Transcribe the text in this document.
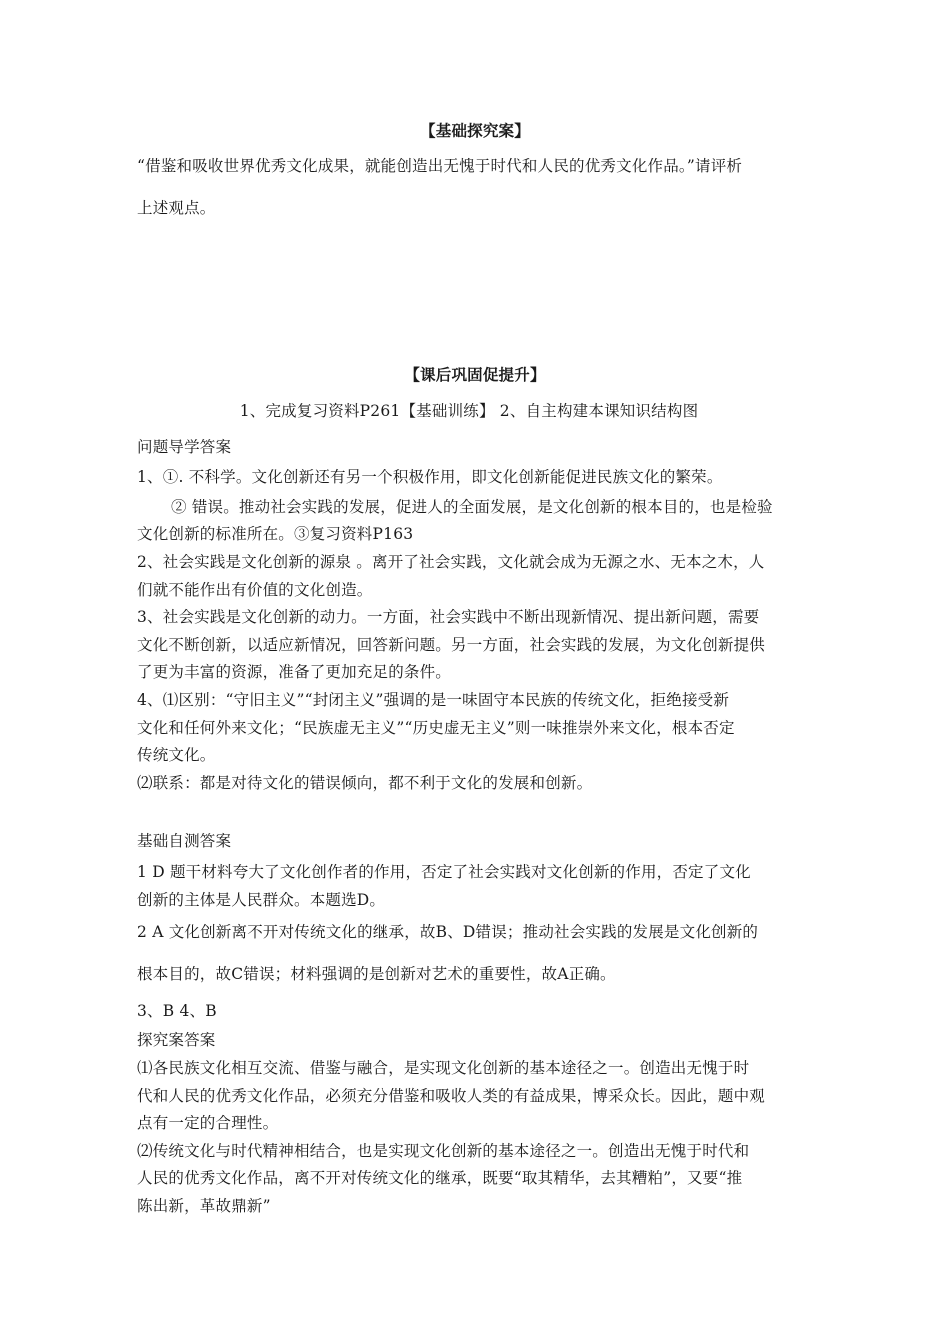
【基础探究案】
“借鉴和吸收世界优秀文化成果，就能创造出无愧于时代和人民的优秀文化作品。”请评析
上述观点。
【课后巩固促提升】
1、完成复习资料P261【基础训练】 2、自主构建本课知识结构图
问题导学答案
1、①. 不科学。文化创新还有另一个积极作用，即文化创新能促进民族文化的繁荣。
② 错误。推动社会实践的发展，促进人的全面发展，是文化创新的根本目的，也是检验
文化创新的标准所在。③复习资料P163
2、社会实践是文化创新的源泉 。离开了社会实践，文化就会成为无源之水、无本之木，人
们就不能作出有价值的文化创造。
3、社会实践是文化创新的动力。一方面，社会实践中不断出现新情况、提出新问题，需要
文化不断创新，以适应新情况，回答新问题。另一方面，社会实践的发展，为文化创新提供
了更为丰富的资源，准备了更加充足的条件。
4、⑴区别：“守旧主义”“封闭主义”强调的是一味固守本民族的传统文化，拒绝接受新
文化和任何外来文化；“民族虚无主义”“历史虚无主义”则一味推崇外来文化，根本否定
传统文化。
⑵联系：都是对待文化的错误倾向，都不利于文化的发展和创新。
基础自测答案
1 D 题干材料夸大了文化创作者的作用，否定了社会实践对文化创新的作用，否定了文化
创新的主体是人民群众。本题选D。
2 A 文化创新离不开对传统文化的继承，故B、D错误；推动社会实践的发展是文化创新的
根本目的，故C错误；材料强调的是创新对艺术的重要性，故A正确。
3、B 4、B
探究案答案
⑴各民族文化相互交流、借鉴与融合，是实现文化创新的基本途径之一。创造出无愧于时
代和人民的优秀文化作品，必须充分借鉴和吸收人类的有益成果，博采众长。因此，题中观
点有一定的合理性。
⑵传统文化与时代精神相结合，也是实现文化创新的基本途径之一。创造出无愧于时代和
人民的优秀文化作品，离不开对传统文化的继承，既要“取其精华，去其糟粕”，又要“推
陈出新，革故鼎新”
